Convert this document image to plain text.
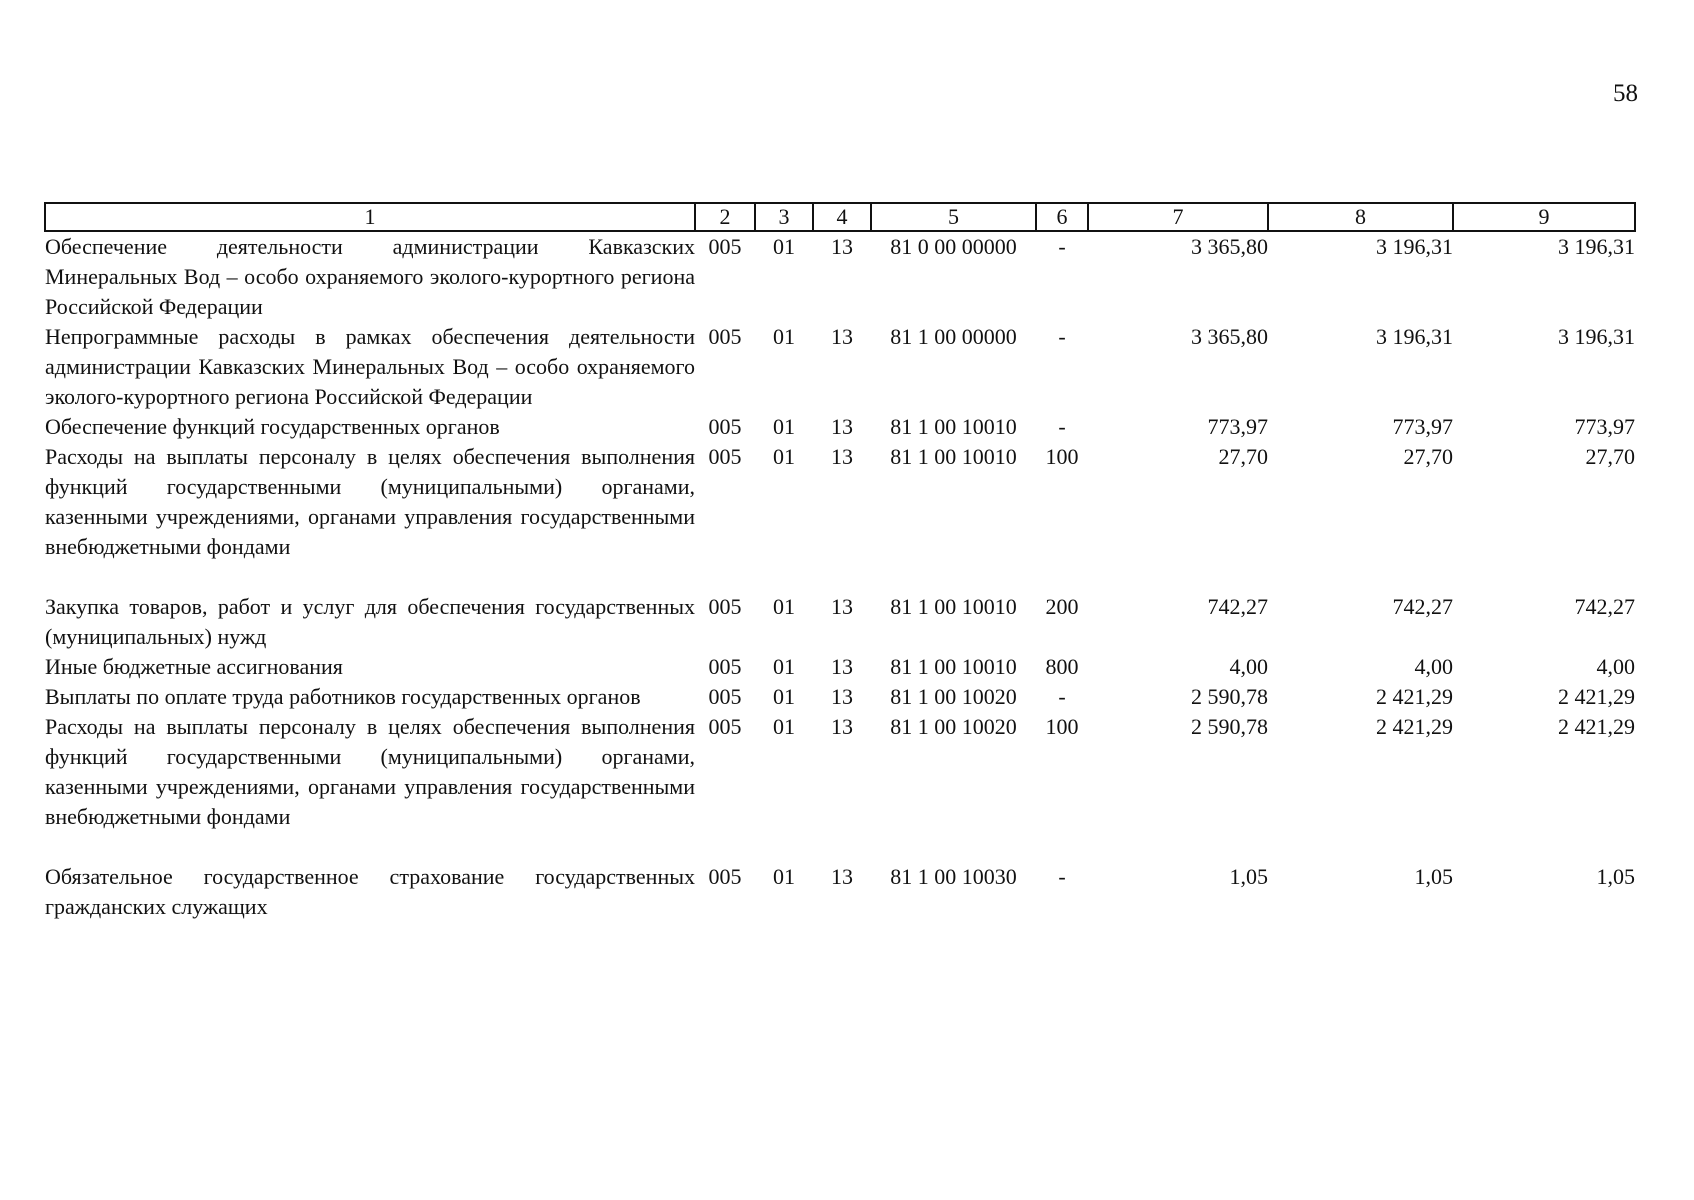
58
1	2	3	4	5	6	7	8	9
Обеспечение деятельности администрации Кавказских Минеральных Вод – особо охраняемого эколого-курортного региона Российской Федерации	005	01	13	81 0 00 00000	-	3 365,80	3 196,31	3 196,31
Непрограммные расходы в рамках обеспечения деятельности администрации Кавказских Минеральных Вод – особо охраняемого эколого-курортного региона Российской Федерации	005	01	13	81 1 00 00000	-	3 365,80	3 196,31	3 196,31
Обеспечение функций государственных органов	005	01	13	81 1 00 10010	-	773,97	773,97	773,97
Расходы на выплаты персоналу в целях обеспечения выполнения функций государственными (муниципальными) органами, казенными учреждениями, органами управления государственными внебюджетными фондами	005	01	13	81 1 00 10010	100	27,70	27,70	27,70
Закупка товаров, работ и услуг для обеспечения государственных (муниципальных) нужд	005	01	13	81 1 00 10010	200	742,27	742,27	742,27
Иные бюджетные ассигнования	005	01	13	81 1 00 10010	800	4,00	4,00	4,00
Выплаты по оплате труда работников государственных органов	005	01	13	81 1 00 10020	-	2 590,78	2 421,29	2 421,29
Расходы на выплаты персоналу в целях обеспечения выполнения функций государственными (муниципальными) органами, казенными учреждениями, органами управления государственными внебюджетными фондами	005	01	13	81 1 00 10020	100	2 590,78	2 421,29	2 421,29
Обязательное государственное страхование государственных гражданских служащих	005	01	13	81 1 00 10030	-	1,05	1,05	1,05
